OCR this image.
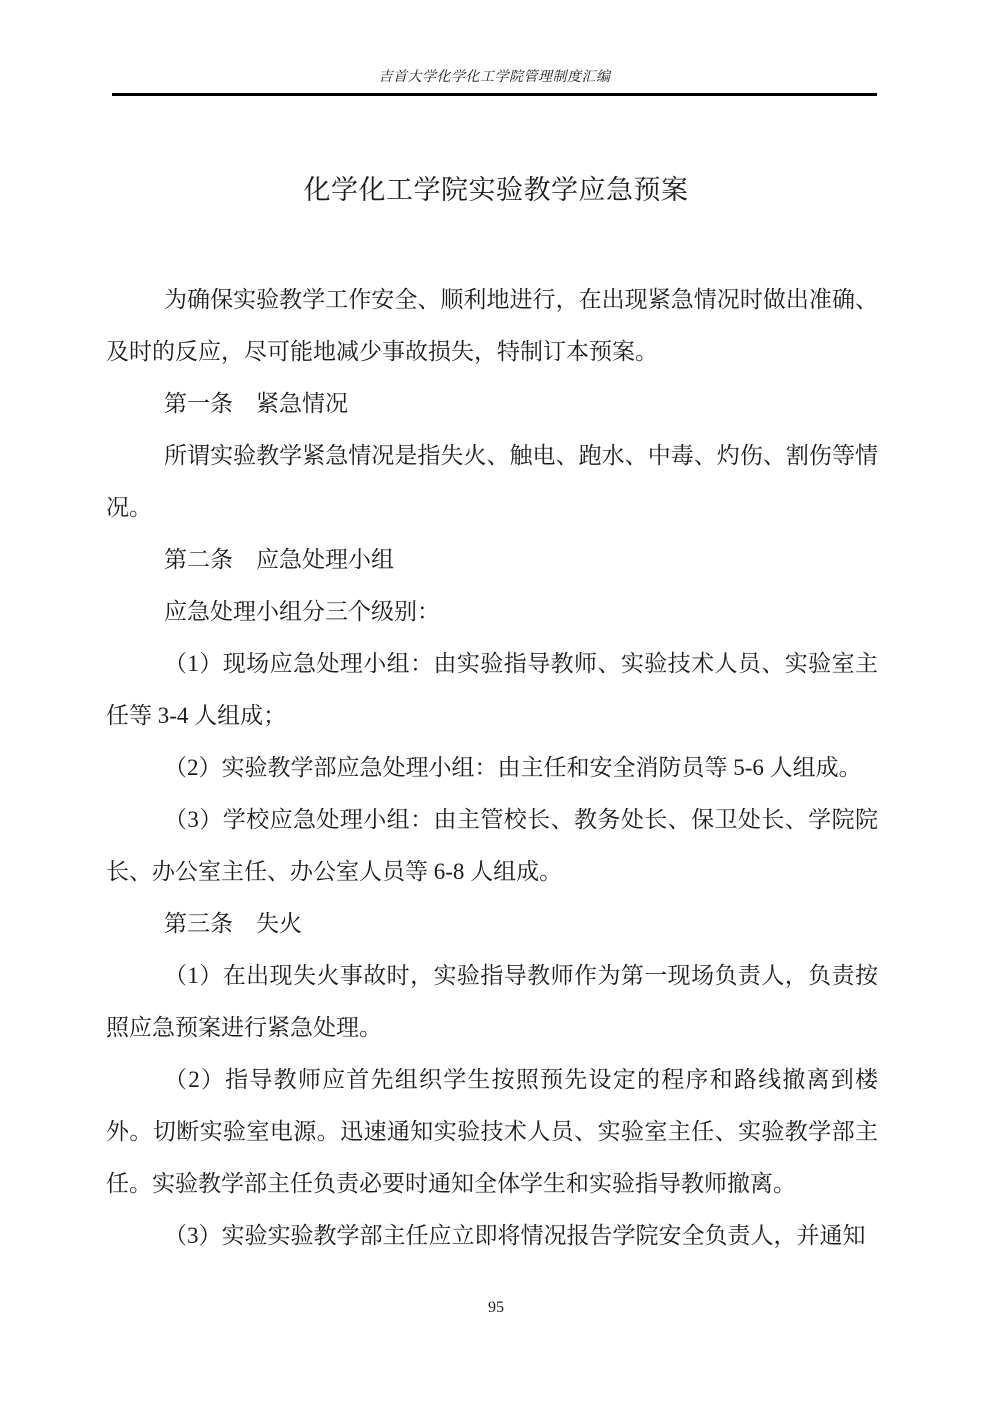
吉首大学化学化工学院管理制度汇编
化学化工学院实验教学应急预案

为确保实验教学工作安全、顺利地进行，在出现紧急情况时做出准确、及时的反应，尽可能地减少事故损失，特制订本预案。

第一条　紧急情况

所谓实验教学紧急情况是指失火、触电、跑水、中毒、灼伤、割伤等情况。

第二条　应急处理小组

应急处理小组分三个级别：

（1）现场应急处理小组：由实验指导教师、实验技术人员、实验室主任等 3-4 人组成；

（2）实验教学部应急处理小组：由主任和安全消防员等 5-6 人组成。

（3）学校应急处理小组：由主管校长、教务处长、保卫处长、学院院长、办公室主任、办公室人员等 6-8 人组成。

第三条　失火

（1）在出现失火事故时，实验指导教师作为第一现场负责人，负责按照应急预案进行紧急处理。

（2）指导教师应首先组织学生按照预先设定的程序和路线撤离到楼外。切断实验室电源。迅速通知实验技术人员、实验室主任、实验教学部主任。实验教学部主任负责必要时通知全体学生和实验指导教师撤离。

（3）实验实验教学部主任应立即将情况报告学院安全负责人，并通知

95
